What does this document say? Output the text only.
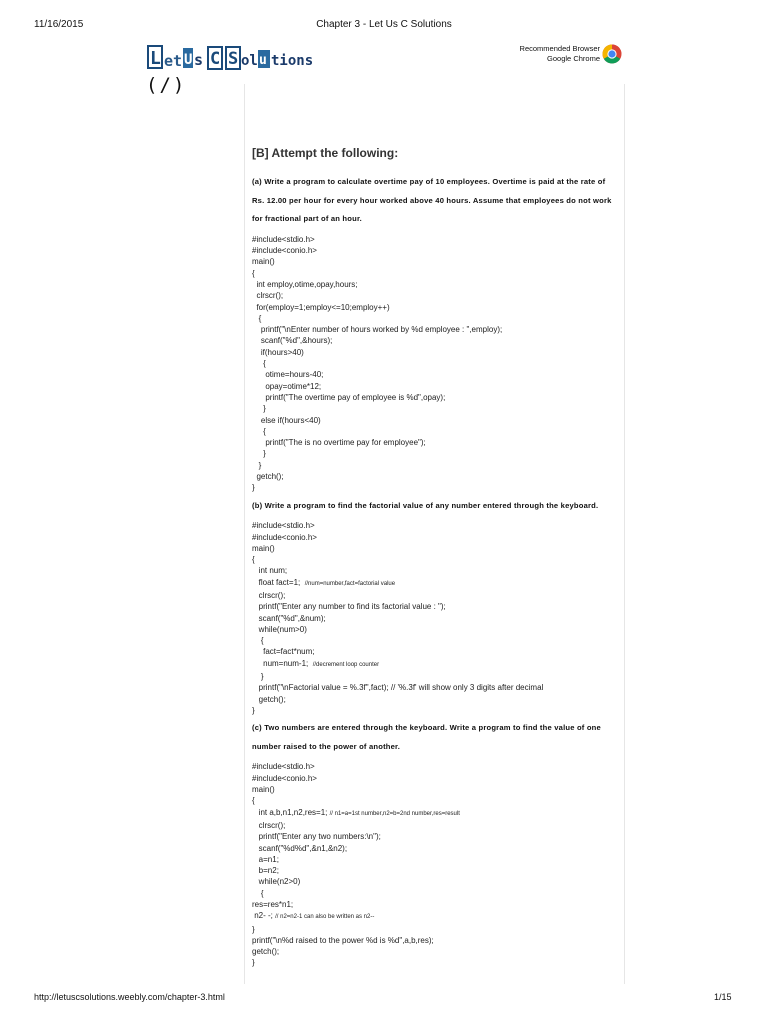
11/16/2015	Chapter 3 - Let Us C Solutions
L et U s C S ol u tions
(/)
Recommended Browser
Google Chrome
[B] Attempt the following:

(a) Write a program to calculate overtime pay of 10 employees. Overtime is paid at the rate of Rs. 12.00 per hour for every hour worked above 40 hours. Assume that employees do not work for fractional part of an hour.

#include<stdio.h>
#include<conio.h>
main()
{
int employ,otime,opay,hours;
clrscr();
for(employ=1;employ<=10;employ++)
{
printf("\nEnter number of hours worked by %d employee : ",employ);
scanf("%d",&hours);
if(hours>40)
{
otime=hours-40;
opay=otime*12;
printf("The overtime pay of employee is %d",opay);
}
else if(hours<40)
{
printf("The is no overtime pay for employee");
}
}
getch();
}

(b) Write a program to find the factorial value of any number entered through the keyboard.

#include<stdio.h>
#include<conio.h>
main()
{
int num;
float fact=1;  //num=number,fact=factorial value
clrscr();
printf("Enter any number to find its factorial value : ");
scanf("%d",&num);
while(num>0)
{
fact=fact*num;
num=num-1;  //decrement loop counter
}
printf("\nFactorial value = %.3f",fact); // '%.3f' will show only 3 digits after decimal
getch();
}

(c) Two numbers are entered through the keyboard. Write a program to find the value of one number raised to the power of another.

#include<stdio.h>
#include<conio.h>
main()
{
int a,b,n1,n2,res=1; // n1=a=1st number,n2=b=2nd number,res=result
clrscr();
printf("Enter any two numbers:\n");
scanf("%d%d",&n1,&n2);
a=n1;
b=n2;
while(n2>0)
{
res=res*n1;
n2- -; // n2=n2-1 can also be written as n2--
}
printf("\n%d raised to the power %d is %d",a,b,res);
getch();
}
http://letuscsolutions.weebly.com/chapter-3.html	1/15
